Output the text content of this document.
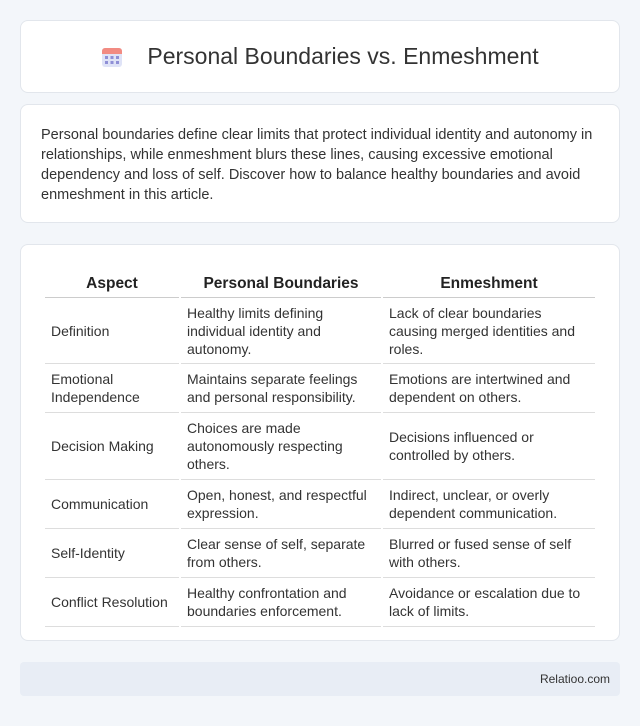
Personal Boundaries vs. Enmeshment

Personal boundaries define clear limits that protect individual identity and autonomy in relationships, while enmeshment blurs these lines, causing excessive emotional dependency and loss of self. Discover how to balance healthy boundaries and avoid enmeshment in this article.

Aspect	Personal Boundaries	Enmeshment
Definition	Healthy limits defining individual identity and autonomy.	Lack of clear boundaries causing merged identities and roles.
Emotional Independence	Maintains separate feelings and personal responsibility.	Emotions are intertwined and dependent on others.
Decision Making	Choices are made autonomously respecting others.	Decisions influenced or controlled by others.
Communication	Open, honest, and respectful expression.	Indirect, unclear, or overly dependent communication.
Self-Identity	Clear sense of self, separate from others.	Blurred or fused sense of self with others.
Conflict Resolution	Healthy confrontation and boundaries enforcement.	Avoidance or escalation due to lack of limits.
Relatioo.com
